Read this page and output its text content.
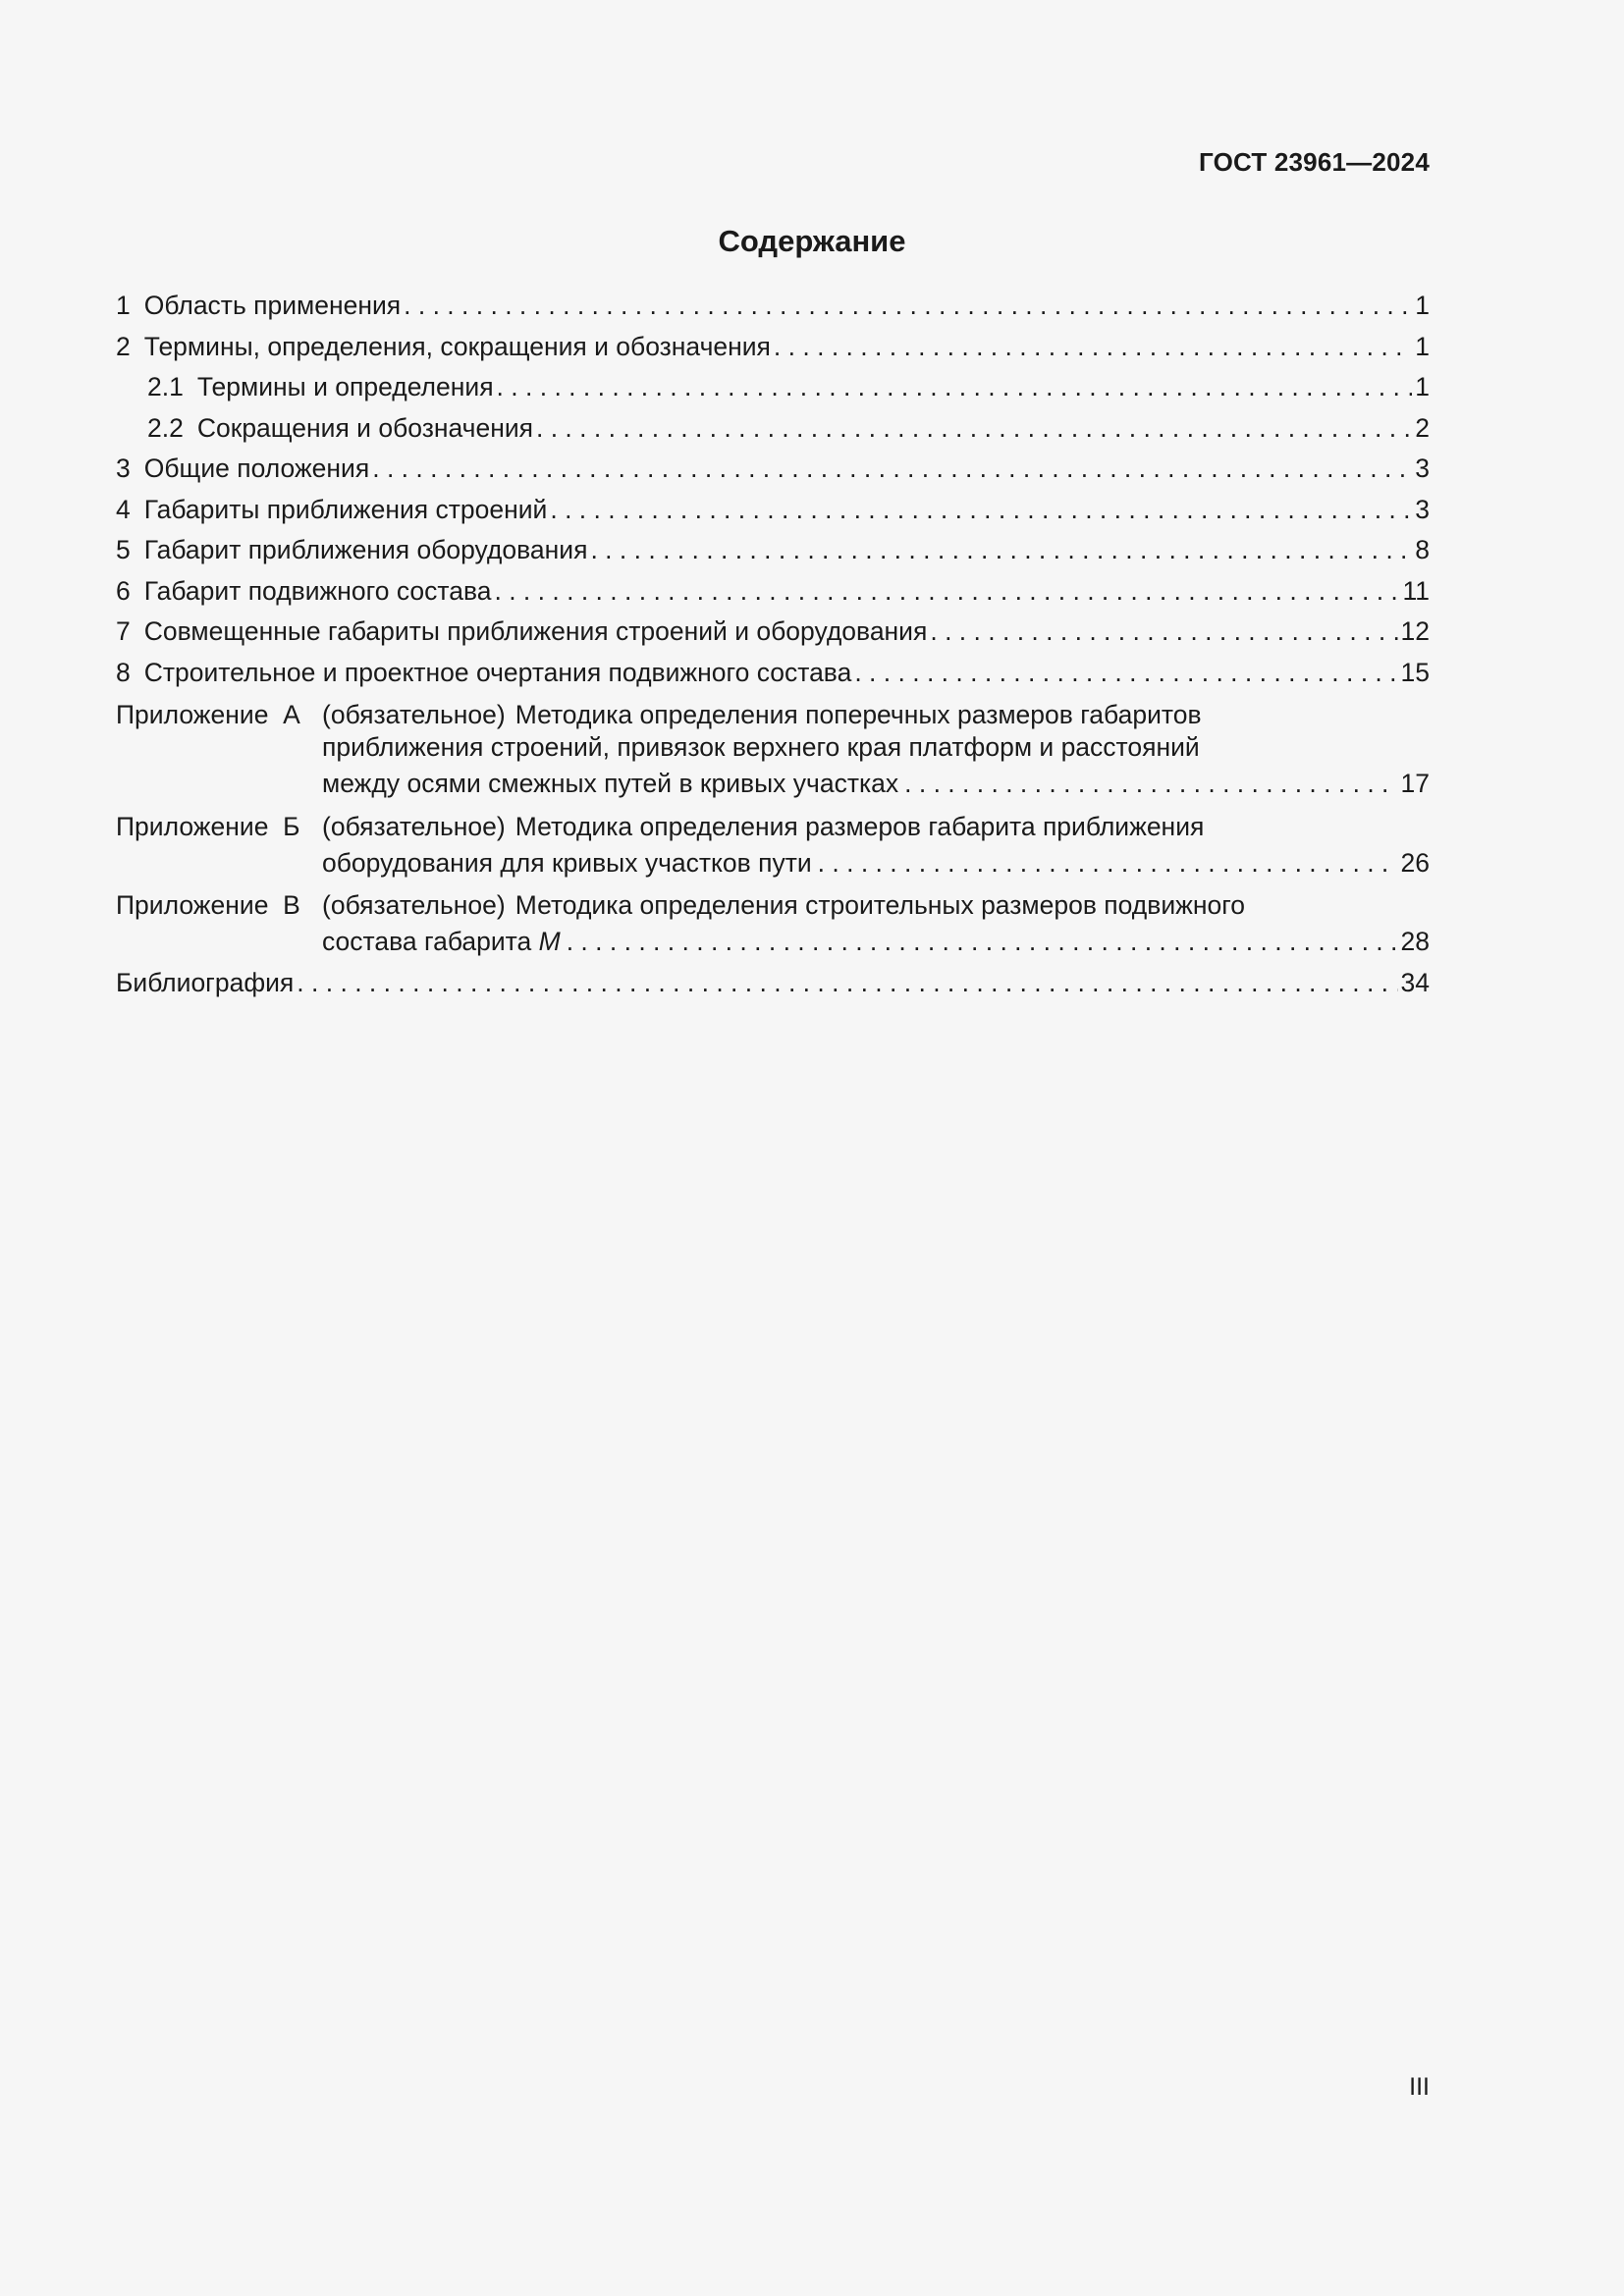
ГОСТ 23961—2024
Содержание
1 Область применения . . .	1
2 Термины, определения, сокращения и обозначения . . .	1
2.1 Термины и определения . . .	1
2.2 Сокращения и обозначения . . .	2
3 Общие положения . . .	3
4 Габариты приближения строений . . .	3
5 Габарит приближения оборудования . . .	8
6 Габарит подвижного состава . . .	11
7 Совмещенные габариты приближения строений и оборудования . . .	12
8 Строительное и проектное очертания подвижного состава . . .	15
Приложение  А (обязательное) Методика определения поперечных размеров габаритов
приближения строений, привязок верхнего края платформ и расстояний
между осями смежных путей в кривых участках . . .	17
Приложение  Б (обязательное) Методика определения размеров габарита приближения
оборудования для кривых участков пути . . .	26
Приложение  В (обязательное) Методика определения строительных размеров подвижного
состава габарита М . . .	28
Библиография . . .	34
III
